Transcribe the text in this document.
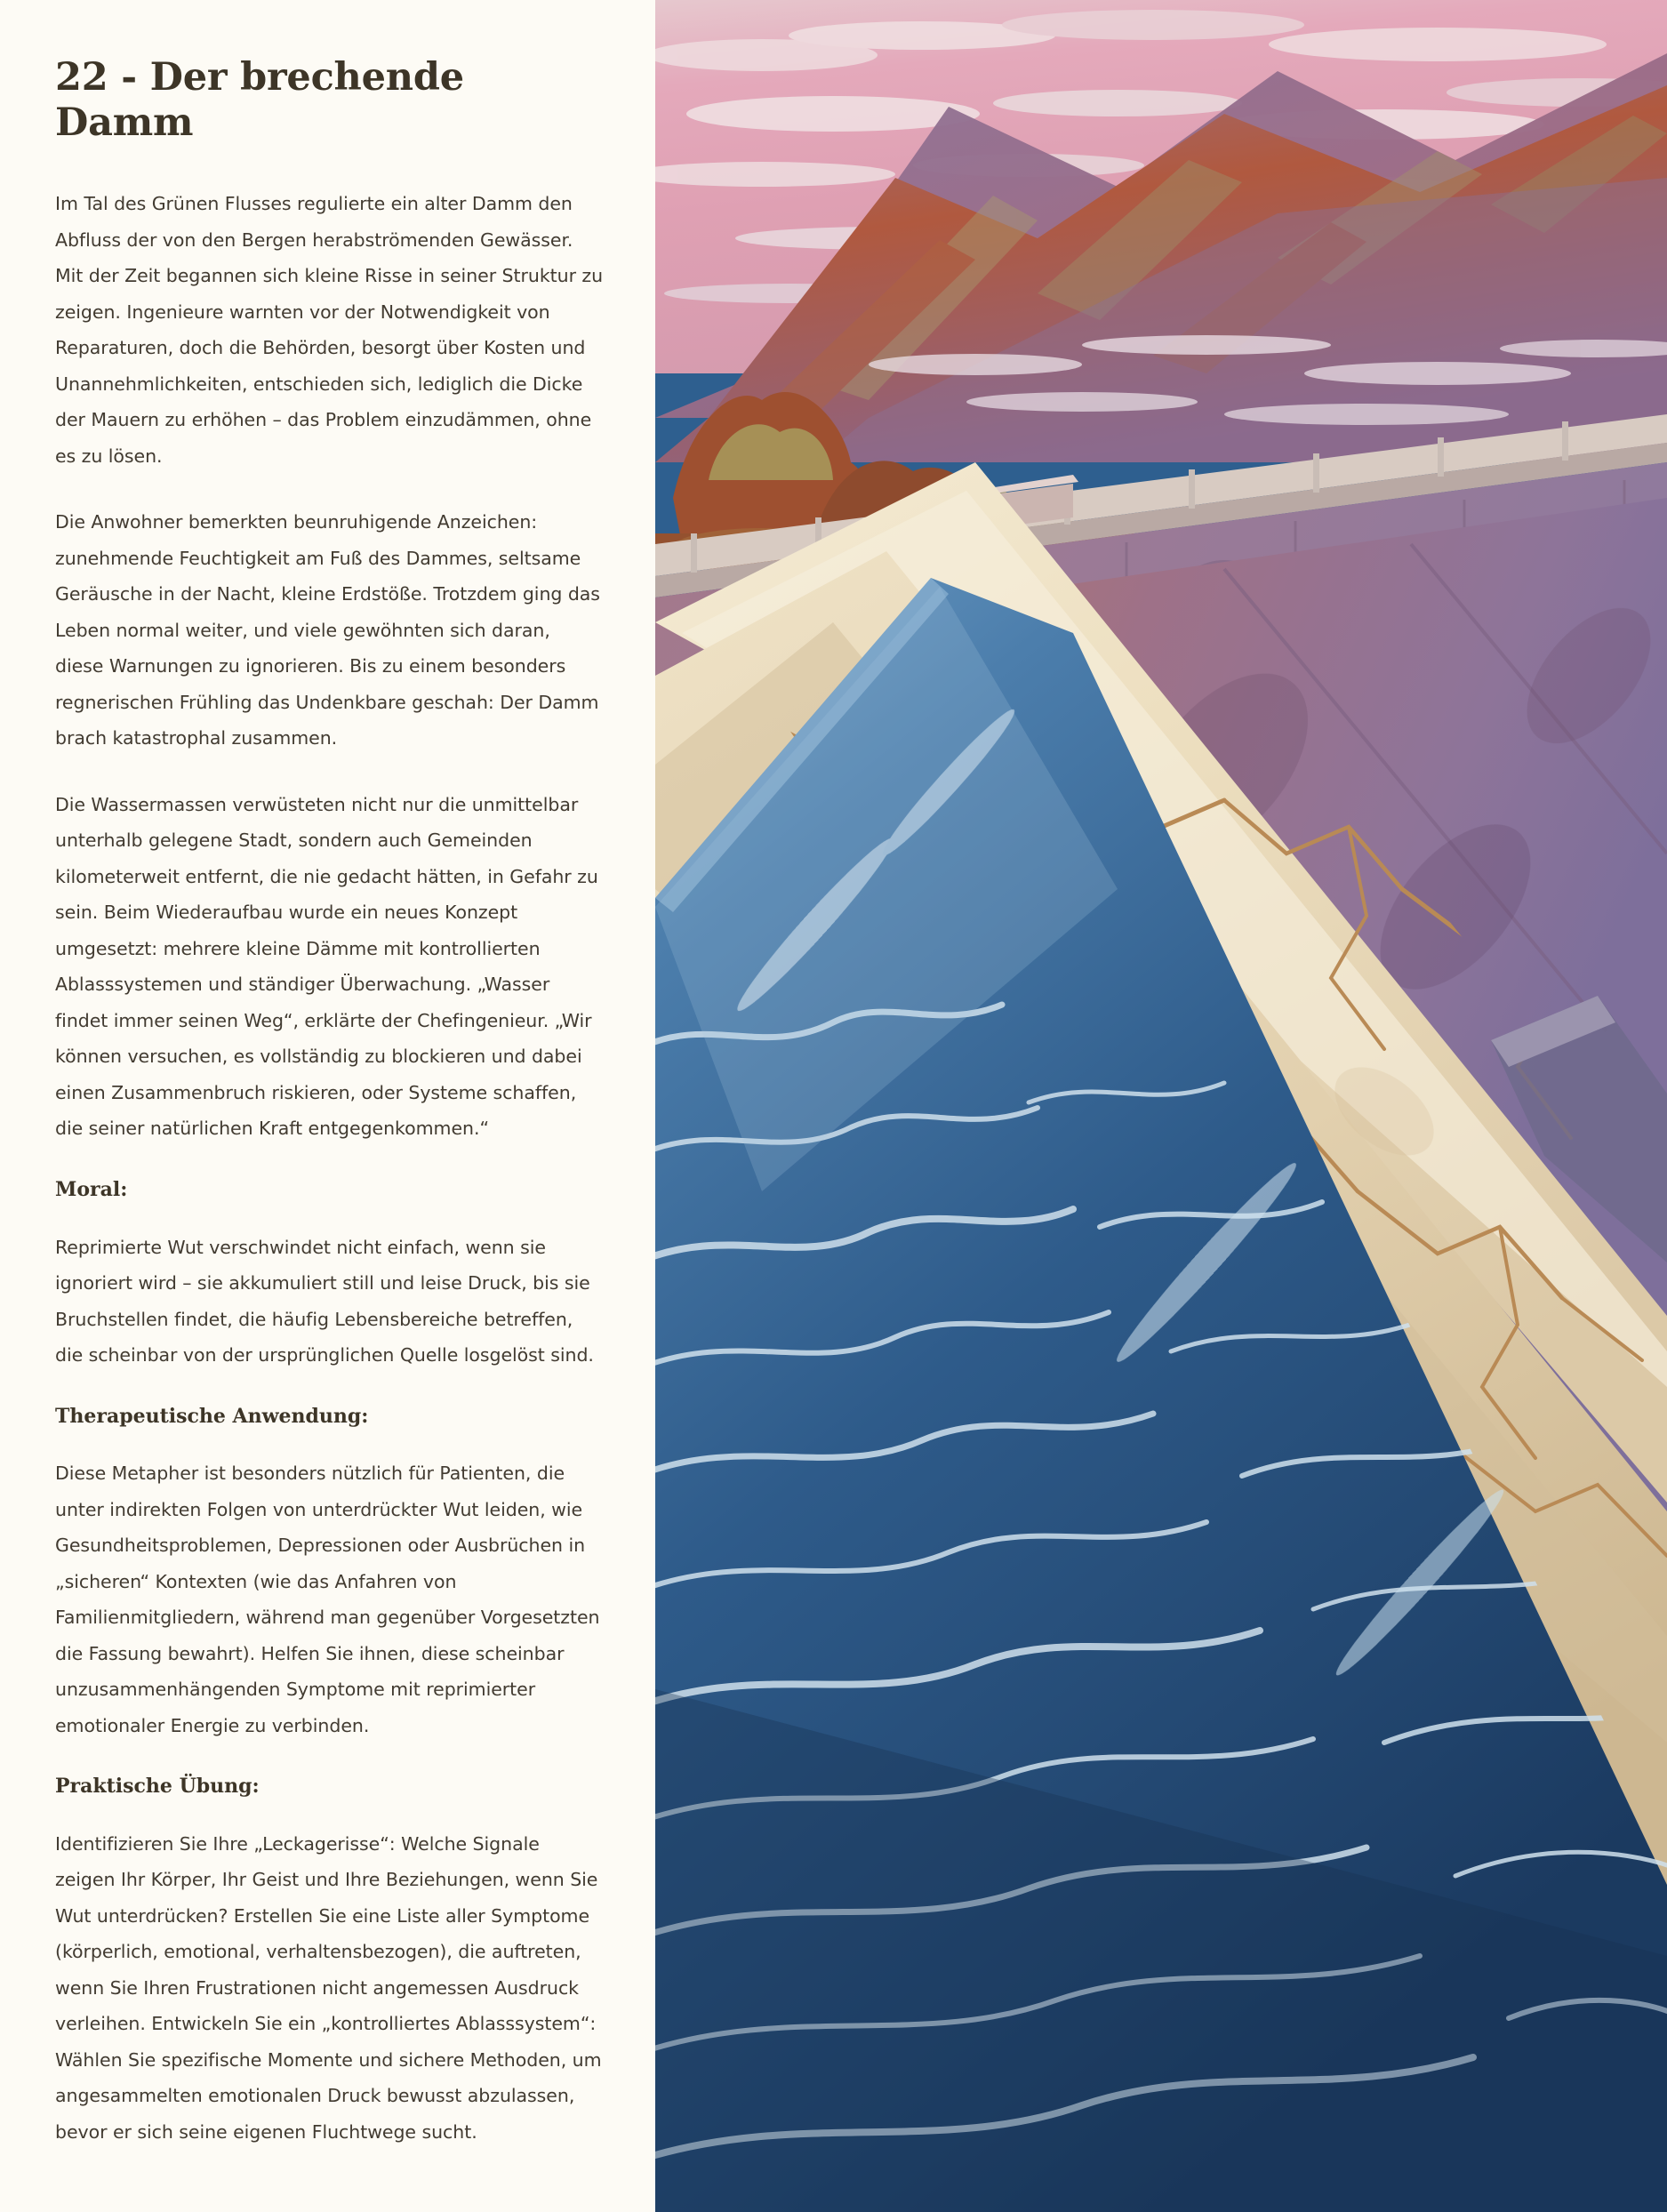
22 - Der brechende Damm

Im Tal des Grünen Flusses regulierte ein alter Damm den Abfluss der von den Bergen herabströmenden Gewässer. Mit der Zeit begannen sich kleine Risse in seiner Struktur zu zeigen. Ingenieure warnten vor der Notwendigkeit von Reparaturen, doch die Behörden, besorgt über Kosten und Unannehmlichkeiten, entschieden sich, lediglich die Dicke der Mauern zu erhöhen – das Problem einzudämmen, ohne es zu lösen.

Die Anwohner bemerkten beunruhigende Anzeichen: zunehmende Feuchtigkeit am Fuß des Dammes, seltsame Geräusche in der Nacht, kleine Erdstöße. Trotzdem ging das Leben normal weiter, und viele gewöhnten sich daran, diese Warnungen zu ignorieren. Bis zu einem besonders regnerischen Frühling das Undenkbare geschah: Der Damm brach katastrophal zusammen.

Die Wassermassen verwüsteten nicht nur die unmittelbar unterhalb gelegene Stadt, sondern auch Gemeinden kilometerweit entfernt, die nie gedacht hätten, in Gefahr zu sein. Beim Wiederaufbau wurde ein neues Konzept umgesetzt: mehrere kleine Dämme mit kontrollierten Ablasssystemen und ständiger Überwachung. „Wasser findet immer seinen Weg“, erklärte der Chefingenieur. „Wir können versuchen, es vollständig zu blockieren und dabei einen Zusammenbruch riskieren, oder Systeme schaffen, die seiner natürlichen Kraft entgegenkommen.“

Moral:

Reprimierte Wut verschwindet nicht einfach, wenn sie ignoriert wird – sie akkumuliert still und leise Druck, bis sie Bruchstellen findet, die häufig Lebensbereiche betreffen, die scheinbar von der ursprünglichen Quelle losgelöst sind.

Therapeutische Anwendung:

Diese Metapher ist besonders nützlich für Patienten, die unter indirekten Folgen von unterdrückter Wut leiden, wie Gesundheitsproblemen, Depressionen oder Ausbrüchen in „sicheren“ Kontexten (wie das Anfahren von Familienmitgliedern, während man gegenüber Vorgesetzten die Fassung bewahrt). Helfen Sie ihnen, diese scheinbar unzusammenhängenden Symptome mit reprimierter emotionaler Energie zu verbinden.

Praktische Übung:

Identifizieren Sie Ihre „Leckagerisse“: Welche Signale zeigen Ihr Körper, Ihr Geist und Ihre Beziehungen, wenn Sie Wut unterdrücken? Erstellen Sie eine Liste aller Symptome (körperlich, emotional, verhaltensbezogen), die auftreten, wenn Sie Ihren Frustrationen nicht angemessen Ausdruck verleihen. Entwickeln Sie ein „kontrolliertes Ablasssystem“: Wählen Sie spezifische Momente und sichere Methoden, um angesammelten emotionalen Druck bewusst abzulassen, bevor er sich seine eigenen Fluchtwege sucht.
